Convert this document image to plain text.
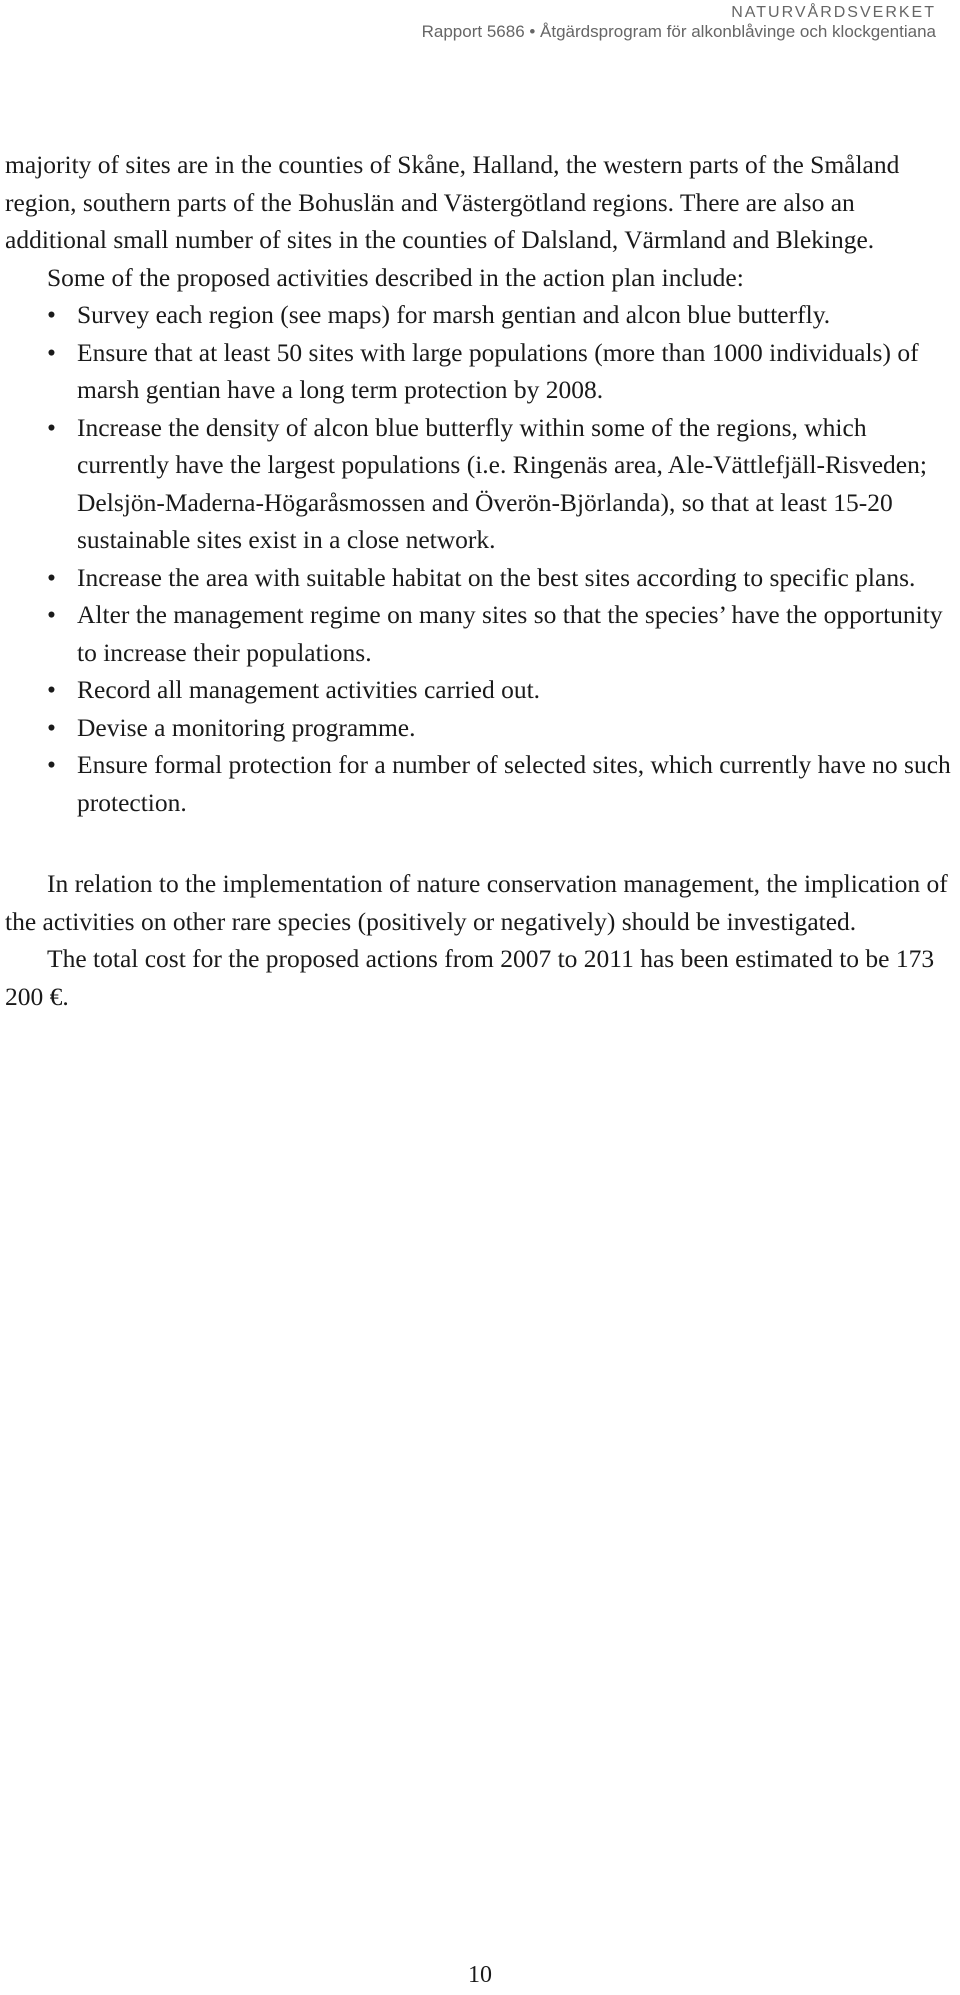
NATURVÅRDSVERKET
Rapport 5686 • Åtgärdsprogram för alkonblåvinge och klockgentiana

majority of sites are in the counties of Skåne, Halland, the western parts of the Småland region, southern parts of the Bohuslän and Västergötland regions. There are also an additional small number of sites in the counties of Dalsland, Värmland and Blekinge.

Some of the proposed activities described in the action plan include:

• Survey each region (see maps) for marsh gentian and alcon blue butterfly.
• Ensure that at least 50 sites with large populations (more than 1000 individuals) of marsh gentian have a long term protection by 2008.
• Increase the density of alcon blue butterfly within some of the regions, which currently have the largest populations (i.e. Ringenäs area, Ale-Vättlefjäll-Risveden; Delsjön-Maderna-Högaråsmossen and Överön-Björlanda), so that at least 15-20 sustainable sites exist in a close network.
• Increase the area with suitable habitat on the best sites according to specific plans.
• Alter the management regime on many sites so that the species’ have the opportunity to increase their populations.
• Record all management activities carried out.
• Devise a monitoring programme.
• Ensure formal protection for a number of selected sites, which currently have no such protection.

In relation to the implementation of nature conservation management, the implication of the activities on other rare species (positively or negatively) should be investigated.

The total cost for the proposed actions from 2007 to 2011 has been estimated to be 173 200 €.

10
